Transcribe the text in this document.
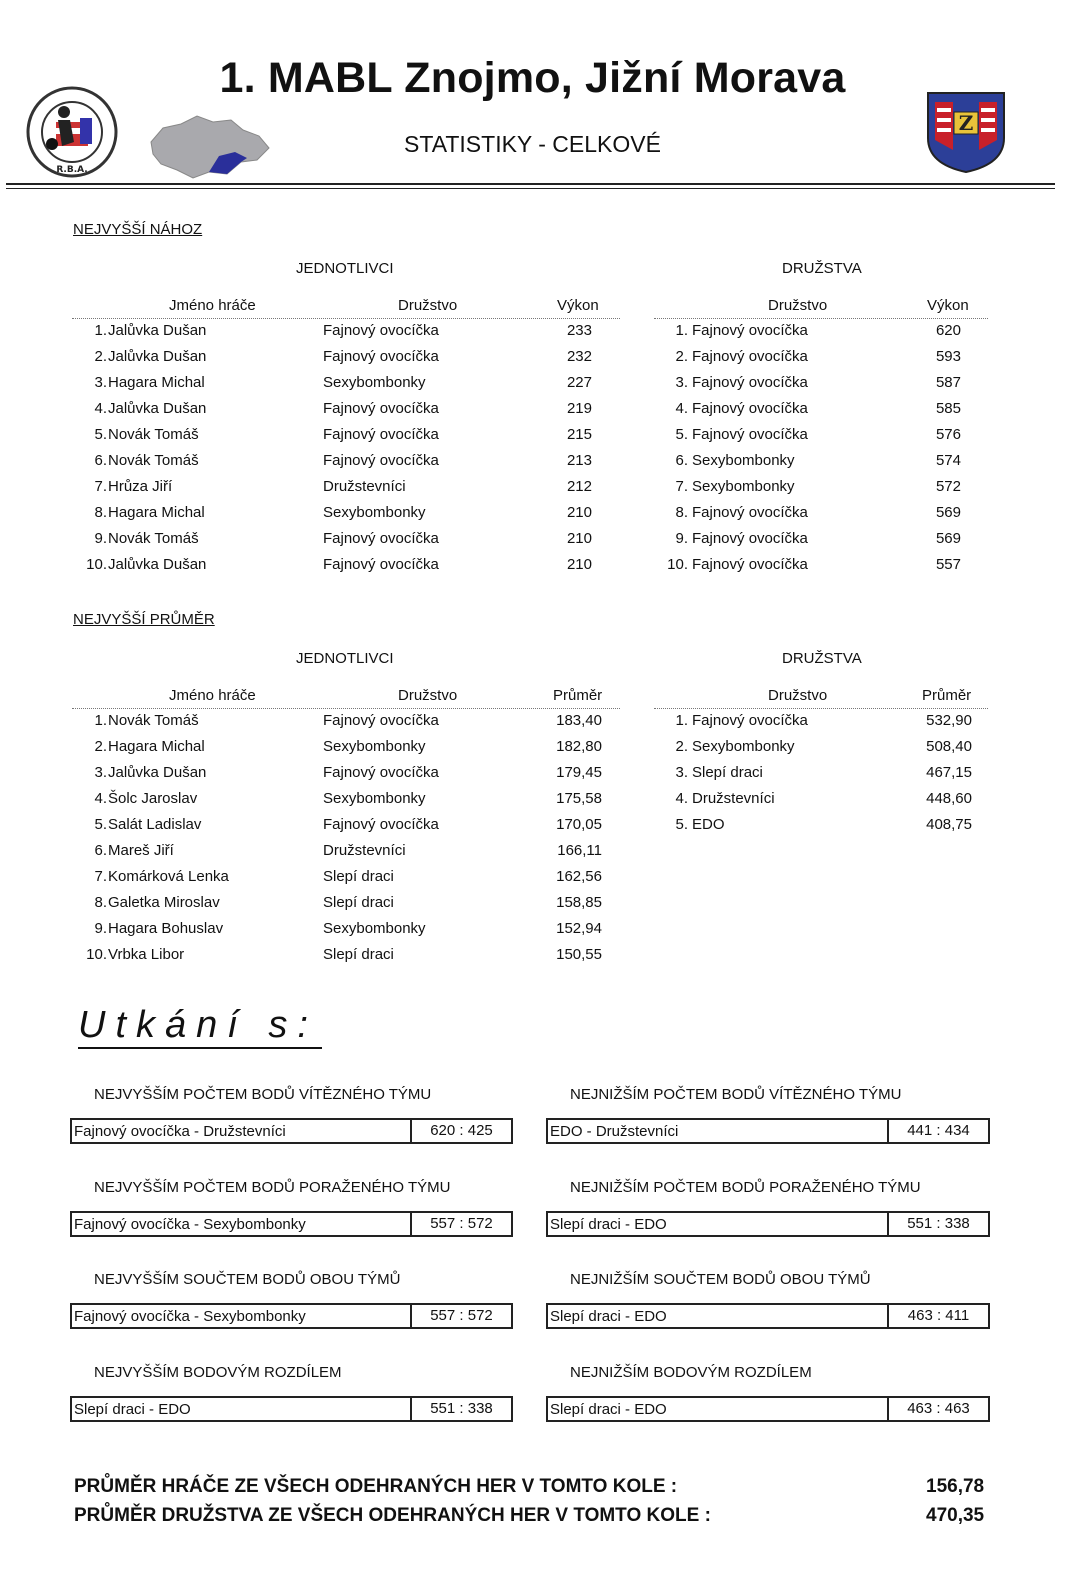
R.B.A.
1. MABL Znojmo, Jižní Morava
STATISTIKY - CELKOVÉ
Z
NEJVYŠŠÍ NÁHOZ
JEDNOTLIVCI	DRUŽSTVA
Jméno hráče	Družstvo	Výkon	Družstvo	Výkon
1. Jalůvka Dušan	Fajnový ovocíčka	233
2. Jalůvka Dušan	Fajnový ovocíčka	232
3. Hagara Michal	Sexybombonky	227
4. Jalůvka Dušan	Fajnový ovocíčka	219
5. Novák Tomáš	Fajnový ovocíčka	215
6. Novák Tomáš	Fajnový ovocíčka	213
7. Hrůza Jiří	Družstevníci	212
8. Hagara Michal	Sexybombonky	210
9. Novák Tomáš	Fajnový ovocíčka	210
10. Jalůvka Dušan	Fajnový ovocíčka	210
1. Fajnový ovocíčka	620
2. Fajnový ovocíčka	593
3. Fajnový ovocíčka	587
4. Fajnový ovocíčka	585
5. Fajnový ovocíčka	576
6. Sexybombonky	574
7. Sexybombonky	572
8. Fajnový ovocíčka	569
9. Fajnový ovocíčka	569
10. Fajnový ovocíčka	557
NEJVYŠŠÍ PRŮMĚR
JEDNOTLIVCI	DRUŽSTVA
Jméno hráče	Družstvo	Průměr	Družstvo	Průměr
1. Novák Tomáš	Fajnový ovocíčka	183,40
2. Hagara Michal	Sexybombonky	182,80
3. Jalůvka Dušan	Fajnový ovocíčka	179,45
4. Šolc Jaroslav	Sexybombonky	175,58
5. Salát Ladislav	Fajnový ovocíčka	170,05
6. Mareš Jiří	Družstevníci	166,11
7. Komárková Lenka	Slepí draci	162,56
8. Galetka Miroslav	Slepí draci	158,85
9. Hagara Bohuslav	Sexybombonky	152,94
10. Vrbka Libor	Slepí draci	150,55
1. Fajnový ovocíčka	532,90
2. Sexybombonky	508,40
3. Slepí draci	467,15
4. Družstevníci	448,60
5. EDO	408,75
Utkání s:
NEJVYŠŠÍM POČTEM BODŮ VÍTĚZNÉHO TÝMU
Fajnový ovocíčka - Družstevníci	620 : 425
NEJNIŽŠÍM POČTEM BODŮ VÍTĚZNÉHO TÝMU
EDO - Družstevníci	441 : 434
NEJVYŠŠÍM POČTEM BODŮ PORAŽENÉHO TÝMU
Fajnový ovocíčka - Sexybombonky	557 : 572
NEJNIŽŠÍM POČTEM BODŮ PORAŽENÉHO TÝMU
Slepí draci - EDO	551 : 338
NEJVYŠŠÍM SOUČTEM BODŮ OBOU TÝMŮ
Fajnový ovocíčka - Sexybombonky	557 : 572
NEJNIŽŠÍM SOUČTEM BODŮ OBOU TÝMŮ
Slepí draci - EDO	463 : 411
NEJVYŠŠÍM BODOVÝM ROZDÍLEM
Slepí draci - EDO	551 : 338
NEJNIŽŠÍM BODOVÝM ROZDÍLEM
Slepí draci - EDO	463 : 463
PRŮMĚR HRÁČE ZE VŠECH ODEHRANÝCH HER V TOMTO KOLE :	156,78
PRŮMĚR DRUŽSTVA ZE VŠECH ODEHRANÝCH HER V TOMTO KOLE :	470,35
